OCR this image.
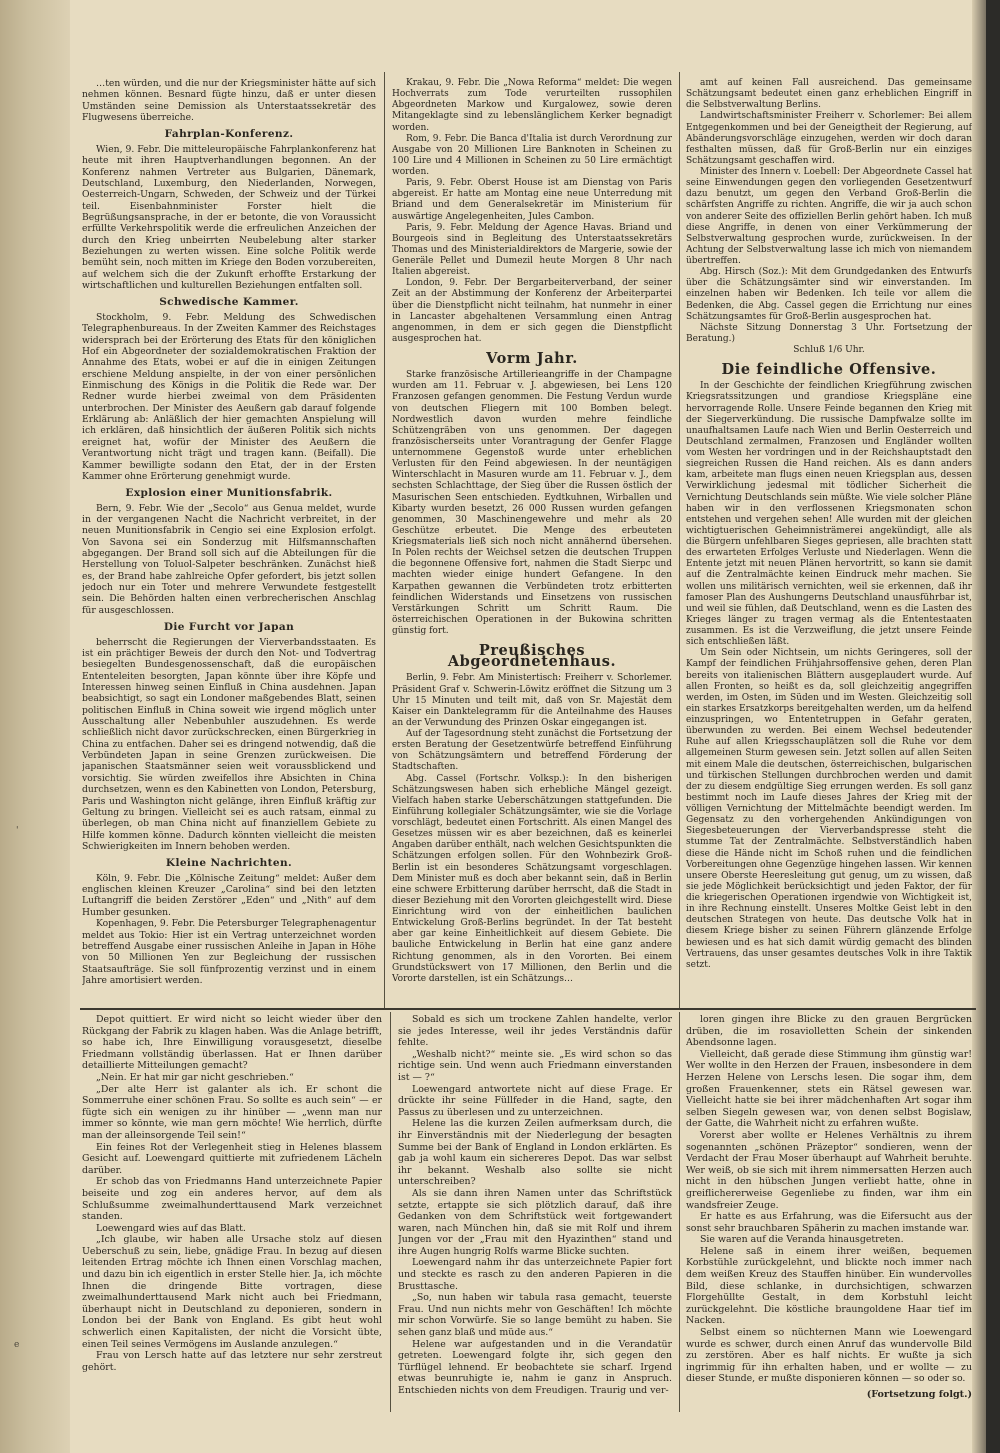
'
e

…ten würden, und die nur der Kriegsminister hätte auf sich nehmen können. Besnard fügte hinzu, daß er unter diesen Umständen seine Demission als Unterstaatssekretär des Flugwesens überreiche.

Fahrplan-Konferenz.

Wien, 9. Febr. Die mitteleuropäische Fahrplankonferenz hat heute mit ihren Hauptverhandlungen begonnen. An der Konferenz nahmen Vertreter aus Bulgarien, Dänemark, Deutschland, Luxemburg, den Niederlanden, Norwegen, Oesterreich-Ungarn, Schweden, der Schweiz und der Türkei teil. Eisenbahnminister Forster hielt die Begrüßungsansprache, in der er betonte, die von Voraussicht erfüllte Verkehrspolitik werde die erfreulichen Anzeichen der durch den Krieg unbeirrten Neubelebung alter starker Beziehungen zu werten wissen. Eine solche Politik werde bemüht sein, noch mitten im Kriege den Boden vorzubereiten, auf welchem sich die der Zukunft erhoffte Erstarkung der wirtschaftlichen und kulturellen Beziehungen entfalten soll.

Schwedische Kammer.

Stockholm, 9. Febr. Meldung des Schwedischen Telegraphenbureaus. In der Zweiten Kammer des Reichstages widersprach bei der Erörterung des Etats für den königlichen Hof ein Abgeordneter der sozialdemokratischen Fraktion der Annahme des Etats, wobei er auf die in einigen Zeitungen erschiene Meldung anspielte, in der von einer persönlichen Einmischung des Königs in die Politik die Rede war. Der Redner wurde hierbei zweimal von dem Präsidenten unterbrochen. Der Minister des Aeußern gab darauf folgende Erklärung ab: Anläßlich der hier gemachten Anspielung will ich erklären, daß hinsichtlich der äußeren Politik sich nichts ereignet hat, wofür der Minister des Aeußern die Verantwortung nicht trägt und tragen kann. (Beifall). Die Kammer bewilligte sodann den Etat, der in der Ersten Kammer ohne Erörterung genehmigt wurde.

Explosion einer Munitionsfabrik.

Bern, 9. Febr. Wie der „Secolo“ aus Genua meldet, wurde in der vergangenen Nacht die Nachricht verbreitet, in der neuen Munitionsfabrik in Cengio sei eine Explosion erfolgt. Von Savona sei ein Sonderzug mit Hilfsmannschaften abgegangen. Der Brand soll sich auf die Abteilungen für die Herstellung von Toluol-Salpeter beschränken. Zunächst hieß es, der Brand habe zahlreiche Opfer gefordert, bis jetzt sollen jedoch nur ein Toter und mehrere Verwundete festgestellt sein. Die Behörden halten einen verbrecherischen Anschlag für ausgeschlossen.

Die Furcht vor Japan

beherrscht die Regierungen der Vierverbandsstaaten. Es ist ein prächtiger Beweis der durch den Not- und Todvertrag besiegelten Bundesgenossenschaft, daß die europäischen Ententeleiten besorgten, Japan könnte über ihre Köpfe und Interessen hinweg seinen Einfluß in China ausdehnen. Japan beabsichtigt, so sagt ein Londoner maßgebendes Blatt, seinen politischen Einfluß in China soweit wie irgend möglich unter Ausschaltung aller Nebenbuhler auszudehnen. Es werde schließlich nicht davor zurückschrecken, einen Bürgerkrieg in China zu entfachen. Daher sei es dringend notwendig, daß die Verbündeten Japan in seine Grenzen zurückweisen. Die japanischen Staatsmänner seien weit voraussblickend und vorsichtig. Sie würden zweifellos ihre Absichten in China durchsetzen, wenn es den Kabinetten von London, Petersburg, Paris und Washington nicht gelänge, ihren Einfluß kräftig zur Geltung zu bringen. Vielleicht sei es auch ratsam, einmal zu überlegen, ob man China nicht auf finanziellem Gebiete zu Hilfe kommen könne. Dadurch könnten vielleicht die meisten Schwierigkeiten im Innern behoben werden.

Kleine Nachrichten.

Köln, 9. Febr. Die „Kölnische Zeitung“ meldet: Außer dem englischen kleinen Kreuzer „Carolina“ sind bei den letzten Luftangriff die beiden Zerstörer „Eden“ und „Nith“ auf dem Humber gesunken.

Kopenhagen, 9. Febr. Die Petersburger Telegraphenagentur meldet aus Tokio: Hier ist ein Vertrag unterzeichnet worden betreffend Ausgabe einer russischen Anleihe in Japan in Höhe von 50 Millionen Yen zur Begleichung der russischen Staatsaufträge. Sie soll fünfprozentig verzinst und in einem Jahre amortisiert werden.

Krakau, 9. Febr. Die „Nowa Reforma“ meldet: Die wegen Hochverrats zum Tode verurteilten russophilen Abgeordneten Markow und Kurgalowez, sowie deren Mitangeklagte sind zu lebenslänglichem Kerker begnadigt worden.

Rom, 9. Febr. Die Banca d'Italia ist durch Verordnung zur Ausgabe von 20 Millionen Lire Banknoten in Scheinen zu 100 Lire und 4 Millionen in Scheinen zu 50 Lire ermächtigt worden.

Paris, 9. Febr. Oberst House ist am Dienstag von Paris abgereist. Er hatte am Montag eine neue Unterredung mit Briand und dem Generalsekretär im Ministerium für auswärtige Angelegenheiten, Jules Cambon.

Paris, 9. Febr. Meldung der Agence Havas. Briand und Bourgeois sind in Begleitung des Unterstaatssekretärs Thomas und des Ministerialdirektors de Margerie, sowie der Generäle Pellet und Dumezil heute Morgen 8 Uhr nach Italien abgereist.

London, 9. Febr. Der Bergarbeiterverband, der seiner Zeit an der Abstimmung der Konferenz der Arbeiterpartei über die Dienstpflicht nicht teilnahm, hat nunmehr in einer in Lancaster abgehaltenen Versammlung einen Antrag angenommen, in dem er sich gegen die Dienstpflicht ausgesprochen hat.

Vorm Jahr.

Starke französische Artillerieangriffe in der Champagne wurden am 11. Februar v. J. abgewiesen, bei Lens 120 Franzosen gefangen genommen. Die Festung Verdun wurde von deutschen Fliegern mit 100 Bomben belegt. Nordwestlich davon wurden mehre feindliche Schützengräben von uns genommen. Der dagegen französischerseits unter Vorantragung der Genfer Flagge unternommene Gegenstoß wurde unter erheblichen Verlusten für den Feind abgewiesen. In der neuntägigen Winterschlacht in Masuren wurde am 11. Februar v. J., dem sechsten Schlachttage, der Sieg über die Russen östlich der Masurischen Seen entschieden. Eydtkuhnen, Wirballen und Kibarty wurden besetzt, 26 000 Russen wurden gefangen genommen, 30 Maschinengewehre und mehr als 20 Geschütze erbeutet. Die Menge des erbeuteten Kriegsmaterials ließ sich noch nicht annähernd übersehen. In Polen rechts der Weichsel setzen die deutschen Truppen die begonnene Offensive fort, nahmen die Stadt Sierpc und machten wieder einige hundert Gefangene. In den Karpathen gewannen die Verbündeten trotz erbitterten feindlichen Widerstands und Einsetzens von russischen Verstärkungen Schritt um Schritt Raum. Die österreichischen Operationen in der Bukowina schritten günstig fort.

Preußisches Abgeordnetenhaus.

Berlin, 9. Febr. Am Ministertisch: Freiherr v. Schorlemer. Präsident Graf v. Schwerin-Löwitz eröffnet die Sitzung um 3 Uhr 15 Minuten und teilt mit, daß von Sr. Majestät dem Kaiser ein Danktelegramm für die Anteilnahme des Hauses an der Verwundung des Prinzen Oskar eingegangen ist.

Auf der Tagesordnung steht zunächst die Fortsetzung der ersten Beratung der Gesetzentwürfe betreffend Einführung von Schätzungsämtern und betreffend Förderung der Stadtschaften.

Abg. Cassel (Fortschr. Volksp.): In den bisherigen Schätzungswesen haben sich erhebliche Mängel gezeigt. Vielfach haben starke Ueberschätzungen stattgefunden. Die Einführung kollegialer Schätzungsämter, wie sie die Vorlage vorschlägt, bedeutet einen Fortschritt. Als einen Mangel des Gesetzes müssen wir es aber bezeichnen, daß es keinerlei Angaben darüber enthält, nach welchen Gesichtspunkten die Schätzungen erfolgen sollen. Für den Wohnbezirk Groß-Berlin ist ein besonderes Schätzungsamt vorgeschlagen. Dem Minister muß es doch aber bekannt sein, daß in Berlin eine schwere Erbitterung darüber herrscht, daß die Stadt in dieser Beziehung mit den Vororten gleichgestellt wird. Diese Einrichtung wird von der einheitlichen baulichen Entwickelung Groß-Berlins begründet. In der Tat besteht aber gar keine Einheitlichkeit auf diesem Gebiete. Die bauliche Entwickelung in Berlin hat eine ganz andere Richtung genommen, als in den Vororten. Bei einem Grundstückswert von 17 Millionen, den Berlin und die Vororte darstellen, ist ein Schätzungs…

amt auf keinen Fall ausreichend. Das gemeinsame Schätzungsamt bedeutet einen ganz erheblichen Eingriff in die Selbstverwaltung Berlins.

Landwirtschaftsminister Freiherr v. Schorlemer: Bei allem Entgegenkommen und bei der Geneigtheit der Regierung, auf Abänderungsvorschläge einzugehen, werden wir doch daran festhalten müssen, daß für Groß-Berlin nur ein einziges Schätzungsamt geschaffen wird.

Minister des Innern v. Loebell: Der Abgeordnete Cassel hat seine Einwendungen gegen den vorliegenden Gesetzentwurf dazu benutzt, um gegen den Verband Groß-Berlin die schärfsten Angriffe zu richten. Angriffe, die wir ja auch schon von anderer Seite des offiziellen Berlin gehört haben. Ich muß diese Angriffe, in denen von einer Verkümmerung der Selbstverwaltung gesprochen wurde, zurückweisen. In der Achtung der Selbstverwaltung lasse ich mich von niemandem übertreffen.

Abg. Hirsch (Soz.): Mit dem Grundgedanken des Entwurfs über die Schätzungsämter sind wir einverstanden. Im einzelnen haben wir Bedenken. Ich teile vor allem die Bedenken, die Abg. Cassel gegen die Errichtung nur eines Schätzungsamtes für Groß-Berlin ausgesprochen hat.

Nächste Sitzung Donnerstag 3 Uhr. Fortsetzung der Beratung.)

Schluß 1/6 Uhr.

Die feindliche Offensive.

In der Geschichte der feindlichen Kriegführung zwischen Kriegsratssitzungen und grandiose Kriegspläne eine hervorragende Rolle. Unsere Feinde begannen den Krieg mit der Siegerverkündung. Die russische Dampfwalze sollte im unaufhaltsamen Laufe nach Wien und Berlin Oesterreich und Deutschland zermalmen, Franzosen und Engländer wollten vom Westen her vordringen und in der Reichshauptstadt den siegreichen Russen die Hand reichen. Als es dann anders kam, arbeitete man flugs einen neuen Kriegsplan aus, dessen Verwirklichung jedesmal mit tödlicher Sicherheit die Vernichtung Deutschlands sein müßte. Wie viele solcher Pläne haben wir in den verflossenen Kriegsmonaten schon entstehen und vergehen sehen! Alle wurden mit der gleichen wichtigtuerischen Geheimnisträmerei angekündigt, alle als die Bürgern unfehlbaren Sieges gepriesen, alle brachten statt des erwarteten Erfolges Verluste und Niederlagen. Wenn die Entente jetzt mit neuen Plänen hervortritt, so kann sie damit auf die Zentralmächte keinen Eindruck mehr machen. Sie wollen uns militärisch vernichten, weil sie erkennen, daß ihr famoser Plan des Aushungerns Deutschland unausführbar ist, und weil sie fühlen, daß Deutschland, wenn es die Lasten des Krieges länger zu tragen vermag als die Ententestaaten zusammen. Es ist die Verzweiflung, die jetzt unsere Feinde sich entschließen läßt.

Um Sein oder Nichtsein, um nichts Geringeres, soll der Kampf der feindlichen Frühjahrsoffensive gehen, deren Plan bereits von italienischen Blättern ausgeplaudert wurde. Auf allen Fronten, so heißt es da, soll gleichzeitig angegriffen werden, im Osten, im Süden und im Westen. Gleichzeitig soll ein starkes Ersatzkorps bereitgehalten werden, um da helfend einzuspringen, wo Ententetruppen in Gefahr geraten, überwunden zu werden. Bei einem Wechsel bedeutender Ruhe auf allen Kriegsschauplätzen soll die Ruhe vor dem allgemeinen Sturm gewesen sein. Jetzt sollen auf allen Seiten mit einem Male die deutschen, österreichischen, bulgarischen und türkischen Stellungen durchbrochen werden und damit der zu diesem endgültige Sieg errungen werden. Es soll ganz bestimmt noch im Laufe dieses Jahres der Krieg mit der völligen Vernichtung der Mittelmächte beendigt werden. Im Gegensatz zu den vorhergehenden Ankündigungen von Siegesbeteuerungen der Vierverbandspresse steht die stumme Tat der Zentralmächte. Selbstverständlich haben diese die Hände nicht im Schoß ruhen und die feindlichen Vorbereitungen ohne Gegenzüge hingehen lassen. Wir kennen unsere Oberste Heeresleitung gut genug, um zu wissen, daß sie jede Möglichkeit berücksichtigt und jeden Faktor, der für die kriegerischen Operationen irgendwie von Wichtigkeit ist, in ihre Rechnung einstellt. Unseres Moltke Geist lebt in den deutschen Strategen von heute. Das deutsche Volk hat in diesem Kriege bisher zu seinen Führern glänzende Erfolge bewiesen und es hat sich damit würdig gemacht des blinden Vertrauens, das unser gesamtes deutsches Volk in ihre Taktik setzt.

Depot quittiert. Er wird nicht so leicht wieder über den Rückgang der Fabrik zu klagen haben. Was die Anlage betrifft, so habe ich, Ihre Einwilligung vorausgesetzt, dieselbe Friedmann vollständig überlassen. Hat er Ihnen darüber detaillierte Mitteilungen gemacht?

„Nein. Er hat mir gar nicht geschrieben.“

„Der alte Herr ist galanter als ich. Er schont die Sommerruhe einer schönen Frau. So sollte es auch sein“ — er fügte sich ein wenigen zu ihr hinüber — „wenn man nur immer so könnte, wie man gern möchte! Wie herrlich, dürfte man der alleinsorgende Teil sein!“

Ein feines Rot der Verlegenheit stieg in Helenes blassem Gesicht auf. Loewengard quittierte mit zufriedenem Lächeln darüber.

Er schob das von Friedmanns Hand unterzeichnete Papier beiseite und zog ein anderes hervor, auf dem als Schlußsumme zweimalhunderttausend Mark verzeichnet standen.

Loewengard wies auf das Blatt.

„Ich glaube, wir haben alle Ursache stolz auf diesen Ueberschuß zu sein, liebe, gnädige Frau. In bezug auf diesen leitenden Ertrag möchte ich Ihnen einen Vorschlag machen, und dazu bin ich eigentlich in erster Stelle hier. Ja, ich möchte Ihnen die dringende Bitte vortragen, diese zweimalhunderttausend Mark nicht auch bei Friedmann, überhaupt nicht in Deutschland zu deponieren, sondern in London bei der Bank von England. Es gibt heut wohl schwerlich einen Kapitalisten, der nicht die Vorsicht übte, einen Teil seines Vermögens im Auslande anzulegen.“

Frau von Lersch hatte auf das letztere nur sehr zerstreut gehört.

Sobald es sich um trockene Zahlen handelte, verlor sie jedes Interesse, weil ihr jedes Verständnis dafür fehlte.

„Weshalb nicht?“ meinte sie. „Es wird schon so das richtige sein. Und wenn auch Friedmann einverstanden ist — ?“

Loewengard antwortete nicht auf diese Frage. Er drückte ihr seine Füllfeder in die Hand, sagte, den Passus zu überlesen und zu unterzeichnen.

Helene las die kurzen Zeilen aufmerksam durch, die ihr Einverständnis mit der Niederlegung der besagten Summe bei der Bank of England in London erklärten. Es gab ja wohl kaum ein sichereres Depot. Das war selbst ihr bekannt. Weshalb also sollte sie nicht unterschreiben?

Als sie dann ihren Namen unter das Schriftstück setzte, ertappte sie sich plötzlich darauf, daß ihre Gedanken von dem Schriftstück weit fortgewandert waren, nach München hin, daß sie mit Rolf und ihrem Jungen vor der „Frau mit den Hyazinthen“ stand und ihre Augen hungrig Rolfs warme Blicke suchten.

Loewengard nahm ihr das unterzeichnete Papier fort und steckte es rasch zu den anderen Papieren in die Brusttasche.

„So, nun haben wir tabula rasa gemacht, teuerste Frau. Und nun nichts mehr von Geschäften! Ich möchte mir schon Vorwürfe. Sie so lange bemüht zu haben. Sie sehen ganz blaß und müde aus.“

Helene war aufgestanden und in die Verandatür getreten. Loewengard folgte ihr, sich gegen den Türflügel lehnend. Er beobachtete sie scharf. Irgend etwas beunruhigte ie, nahm ie ganz in Anspruch. Entschieden nichts von dem Freudigen. Traurig und ver-

loren gingen ihre Blicke zu den grauen Bergrücken drüben, die im rosaviolletten Schein der sinkenden Abendsonne lagen.

Vielleicht, daß gerade diese Stimmung ihm günstig war! Wer wollte in den Herzen der Frauen, insbesondere in dem Herzen Helene von Lerschs lesen. Die sogar ihm, dem großen Frauenkenner, stets ein Rätsel gewesen war. Vielleicht hatte sie bei ihrer mädchenhaften Art sogar ihm selben Siegeln gewesen war, von denen selbst Bogislaw, der Gatte, die Wahrheit nicht zu erfahren wußte.

Vorerst aber wollte er Helenes Verhältnis zu ihrem sogenannten „schönen Präzeptor“ sondieren, wenn der Verdacht der Frau Moser überhaupt auf Wahrheit beruhte. Wer weiß, ob sie sich mit ihrem nimmersatten Herzen auch nicht in den hübschen Jungen verliebt hatte, ohne in greiflichererweise Gegenliebe zu finden, war ihm ein wandsfreier Zeuge.

Er hatte es aus Erfahrung, was die Eifersucht aus der sonst sehr brauchbaren Späherin zu machen imstande war.

Sie waren auf die Veranda hinausgetreten.

Helene saß in einem ihrer weißen, bequemen Korbstühle zurückgelehnt, und blickte noch immer nach dem weißen Kreuz des Stauffen hinüber. Ein wundervolles Bild, diese schlanke, in durchsichtigen, schwarzen Florgehüllte Gestalt, in dem Korbstuhl leicht zurückgelehnt. Die köstliche braungoldene Haar tief im Nacken.

Selbst einem so nüchternen Mann wie Loewengard wurde es schwer, durch einen Anruf das wundervolle Bild zu zerstören. Aber es half nichts. Er wußte ja sich ingrimmig für ihn erhalten haben, und er wollte — zu dieser Stunde, er mußte disponieren können — so oder so.

(Fortsetzung folgt.)
